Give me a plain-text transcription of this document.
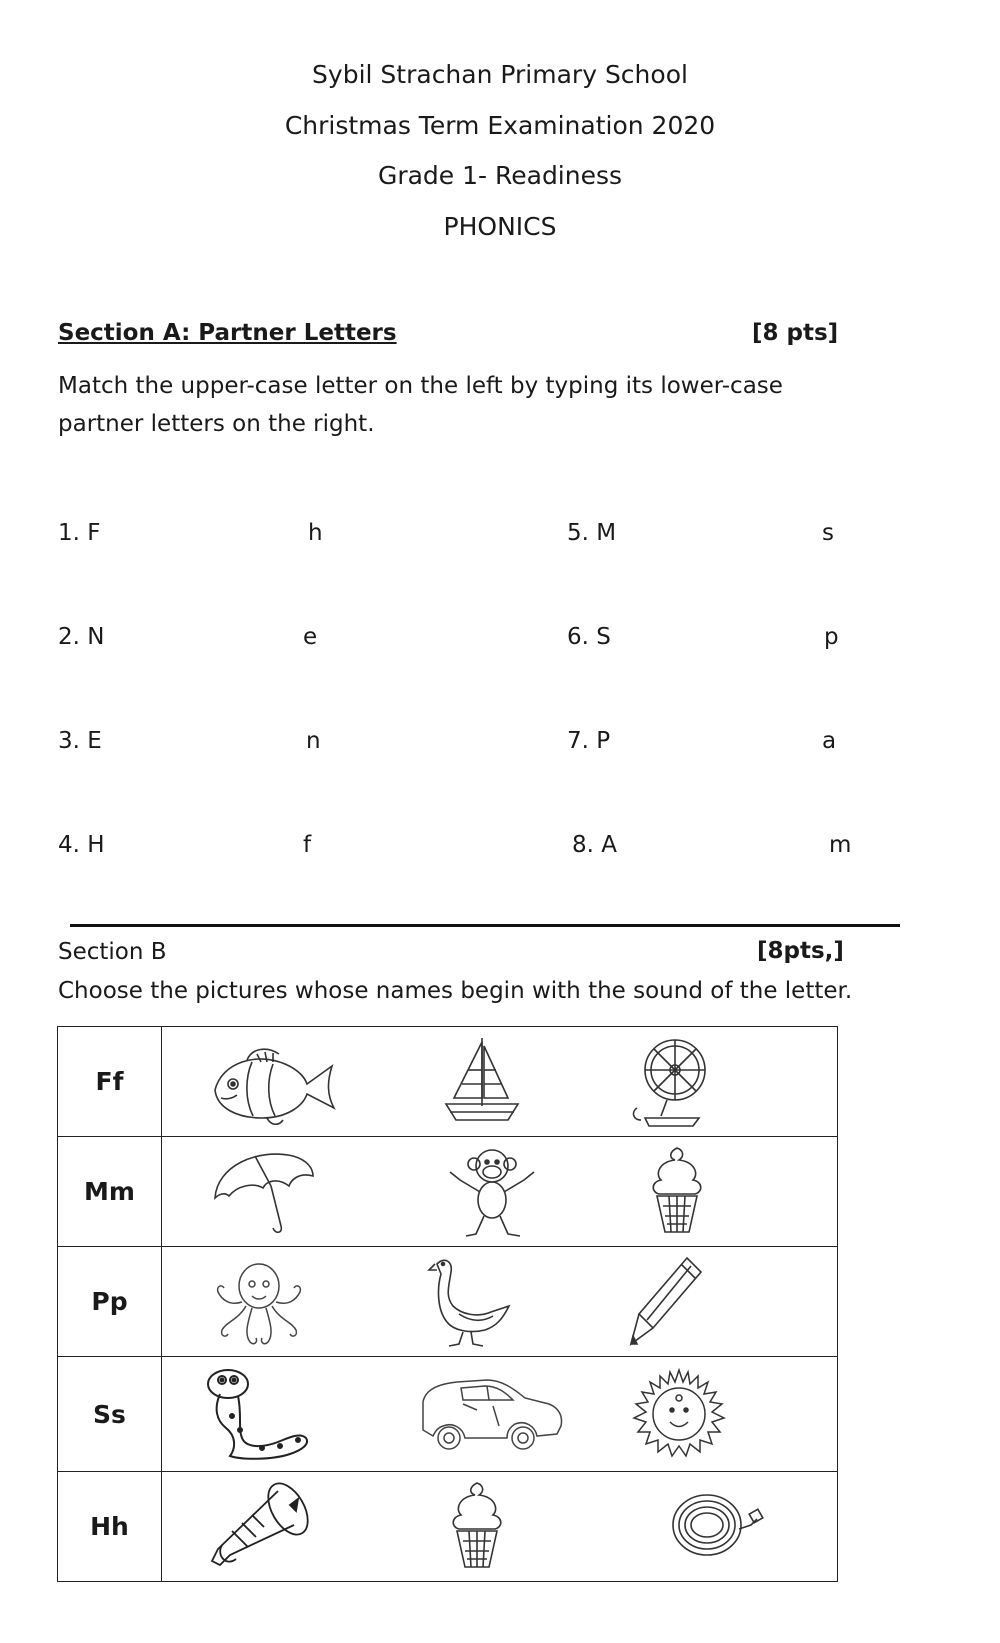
Sybil Strachan Primary School
Christmas Term Examination 2020
Grade 1- Readiness
PHONICS
Section A: Partner Letters	[8 pts]
Match the upper-case letter on the left by typing its lower-case
partner letters on the right.
1. F	h
2. N	e
3. E	n
4. H	f
5. M	s
6. S	p
7. P	a
8. A	m
Section B	[8pts,]
Choose the pictures whose names begin with the sound of the letter.
Ff	

Mm	

Pp	

Ss	

Hh	
